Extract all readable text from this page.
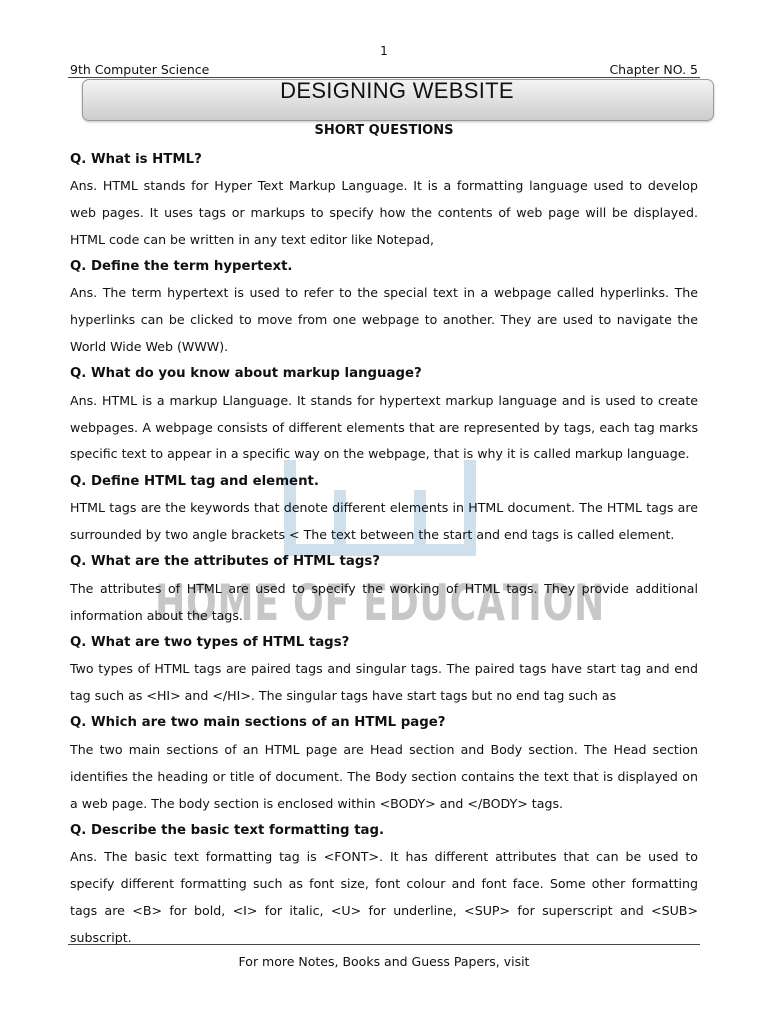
1
9th Computer Science	Chapter NO. 5
DESIGNING WEBSITE
SHORT QUESTIONS
HOME OF EDUCATION
Q. What is HTML?

Ans. HTML stands for Hyper Text Markup Language. It is a formatting language used to develop web pages. It uses tags or markups to specify how the contents of web page will be displayed. HTML code can be written in any text editor like Notepad,

Q. Define the term hypertext.

Ans. The term hypertext is used to refer to the special text in a webpage called hyperlinks. The hyperlinks can be clicked to move from one webpage to another. They are used to navigate the World Wide Web (WWW).

Q. What do you know about markup language?

Ans. HTML is a markup Llanguage. It stands for hypertext markup language and is used to create webpages. A webpage consists of different elements that are represented by tags, each tag marks specific text to appear in a specific way on the webpage, that is why it is called markup language.

Q. Define HTML tag and element.

HTML tags are the keywords that denote different elements in HTML document. The HTML tags are surrounded by two angle brackets < The text between the start and end tags is called element.

Q. What are the attributes of HTML tags?

The attributes of HTML are used to specify the working of HTML tags. They provide additional information about the tags.

Q. What are two types of HTML tags?

Two types of HTML tags are paired tags and singular tags. The paired tags have start tag and end tag such as <HI> and </HI>. The singular tags have start tags but no end tag such as

Q. Which are two main sections of an HTML page?

The two main sections of an HTML page are Head section and Body section. The Head section identifies the heading or title of document. The Body section contains the text that is displayed on a web page. The body section is enclosed within <BODY> and </BODY> tags.

Q. Describe the basic text formatting tag.

Ans. The basic text formatting tag is <FONT>. It has different attributes that can be used to specify different formatting such as font size, font colour and font face. Some other formatting tags are <B> for bold, <I> for italic, <U> for underline, <SUP> for superscript and <SUB> subscript.

For more Notes, Books and Guess Papers, visit
